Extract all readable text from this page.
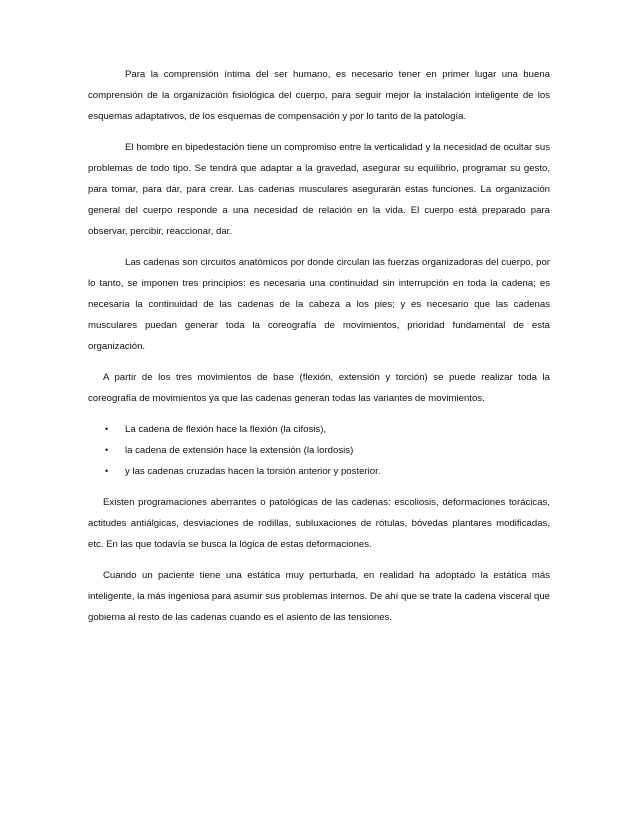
Para la comprensión íntima del ser humano, es necesario tener en primer lugar una buena comprensión de la organización fisiológica del cuerpo, para seguir mejor la instalación inteligente de los esquemas adaptativos, de los esquemas de compensación y por lo tanto de la patología.

El hombre en bipedestación tiene un compromiso entre la verticalidad y la necesidad de ocultar sus problemas de todo tipo. Se tendrá que adaptar a la gravedad, asegurar su equilibrio, programar su gesto, para tomar, para dar, para crear. Las cadenas musculares asegurarán estas funciones. La organización general del cuerpo responde a una necesidad de relación en la vida. El cuerpo está preparado para observar, percibir, reaccionar, dar.

Las cadenas son circuitos anatómicos por donde circulan las fuerzas organizadoras del cuerpo, por lo tanto, se imponen tres principios: es necesaria una continuidad sin interrupción en toda la cadena; es necesaria la continuidad de las cadenas de la cabeza a los pies; y es necesario que las cadenas musculares puedan generar toda la coreografía de movimientos, prioridad fundamental de esta organización.

A partir de los tres movimientos de base (flexión, extensión y torción) se puede realizar toda la coreografía de movimientos ya que las cadenas generan todas las variantes de movimientos.

• La cadena de flexión hace la flexión (la cifosis),
• la cadena de extensión hace la extensión (la lordosis)
• y las cadenas cruzadas hacen la torsión anterior y posterior.

Existen programaciones aberrantes o patológicas de las cadenas: escoliosis, deformaciones torácicas, actitudes antiálgicas, desviaciones de rodillas, subluxaciones de rótulas, bóvedas plantares modificadas, etc. En las que todavía se busca la lógica de estas deformaciones.

Cuando un paciente tiene una estática muy perturbada, en realidad ha adoptado la estática más inteligente, la más ingeniosa para asumir sus problemas internos. De ahí que se trate la cadena visceral que gobierna al resto de las cadenas cuando es el asiento de las tensiones.
